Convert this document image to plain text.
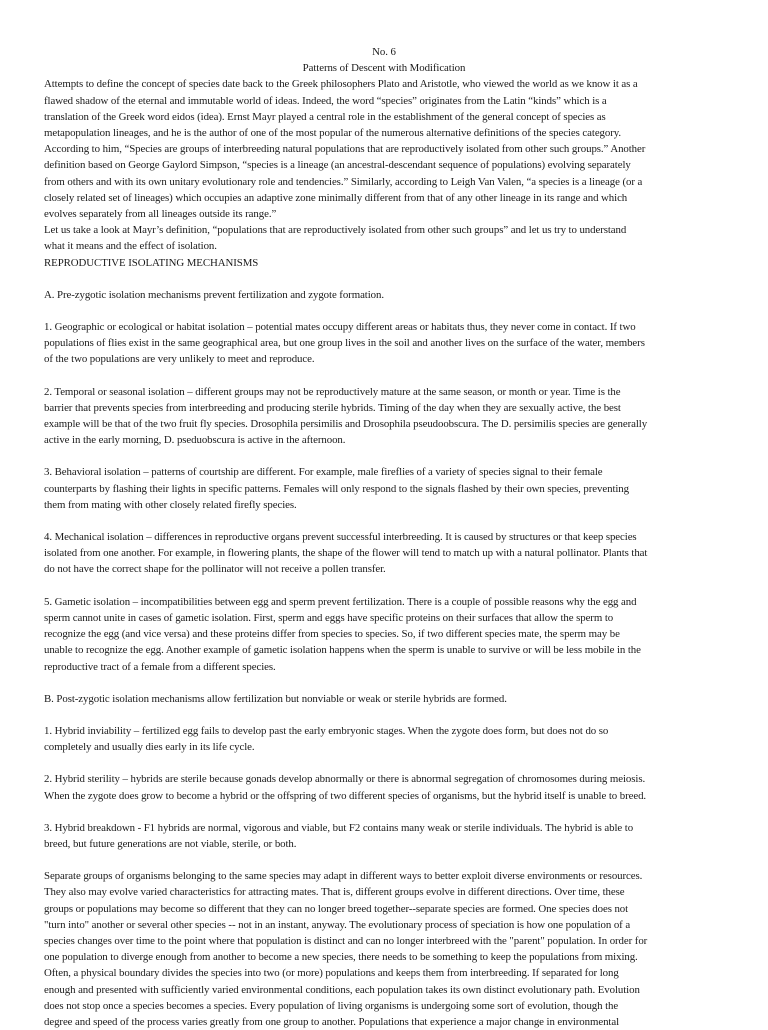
No. 6
Patterns of Descent with Modification
Attempts to define the concept of species date back to the Greek philosophers Plato and Aristotle, who viewed the world as we know it as a
flawed shadow of the eternal and immutable world of ideas. Indeed, the word “species” originates from the Latin “kinds” which is a
translation of the Greek word eidos (idea). Ernst Mayr played a central role in the establishment of the general concept of species as
metapopulation lineages, and he is the author of one of the most popular of the numerous alternative definitions of the species category.
According to him, “Species are groups of interbreeding natural populations that are reproductively isolated from other such groups.” Another
definition based on George Gaylord Simpson, “species is a lineage (an ancestral-descendant sequence of populations) evolving separately
from others and with its own unitary evolutionary role and tendencies.” Similarly, according to Leigh Van Valen, “a species is a lineage (or a
closely related set of lineages) which occupies an adaptive zone minimally different from that of any other lineage in its range and which
evolves separately from all lineages outside its range.”
Let us take a look at Mayr’s definition, “populations that are reproductively isolated from other such groups” and let us try to understand
what it means and the effect of isolation.
REPRODUCTIVE ISOLATING MECHANISMS
A. Pre-zygotic isolation mechanisms prevent fertilization and zygote formation.
1. Geographic or ecological or habitat isolation – potential mates occupy different areas or habitats thus, they never come in contact. If two
populations of flies exist in the same geographical area, but one group lives in the soil and another lives on the surface of the water, members
of the two populations are very unlikely to meet and reproduce.
2. Temporal or seasonal isolation – different groups may not be reproductively mature at the same season, or month or year. Time is the
barrier that prevents species from interbreeding and producing sterile hybrids. Timing of the day when they are sexually active, the best
example will be that of the two fruit fly species. Drosophila persimilis and Drosophila pseudoobscura. The D. persimilis species are generally
active in the early morning, D. pseduobscura is active in the afternoon.
3. Behavioral isolation – patterns of courtship are different. For example, male fireflies of a variety of species signal to their female
counterparts by flashing their lights in specific patterns. Females will only respond to the signals flashed by their own species, preventing
them from mating with other closely related firefly species.
4. Mechanical isolation – differences in reproductive organs prevent successful interbreeding. It is caused by structures or that keep species
isolated from one another. For example, in flowering plants, the shape of the flower will tend to match up with a natural pollinator. Plants that
do not have the correct shape for the pollinator will not receive a pollen transfer.
5. Gametic isolation – incompatibilities between egg and sperm prevent fertilization. There is a couple of possible reasons why the egg and
sperm cannot unite in cases of gametic isolation. First, sperm and eggs have specific proteins on their surfaces that allow the sperm to
recognize the egg (and vice versa) and these proteins differ from species to species. So, if two different species mate, the sperm may be
unable to recognize the egg. Another example of gametic isolation happens when the sperm is unable to survive or will be less mobile in the
reproductive tract of a female from a different species.
B. Post-zygotic isolation mechanisms allow fertilization but nonviable or weak or sterile hybrids are formed.
1. Hybrid inviability – fertilized egg fails to develop past the early embryonic stages. When the zygote does form, but does not do so
completely and usually dies early in its life cycle.
2. Hybrid sterility – hybrids are sterile because gonads develop abnormally or there is abnormal segregation of chromosomes during meiosis.
When the zygote does grow to become a hybrid or the offspring of two different species of organisms, but the hybrid itself is unable to breed.
3. Hybrid breakdown - F1 hybrids are normal, vigorous and viable, but F2 contains many weak or sterile individuals. The hybrid is able to
breed, but future generations are not viable, sterile, or both.
Separate groups of organisms belonging to the same species may adapt in different ways to better exploit diverse environments or resources.
They also may evolve varied characteristics for attracting mates. That is, different groups evolve in different directions. Over time, these
groups or populations may become so different that they can no longer breed together--separate species are formed. One species does not
"turn into" another or several other species -- not in an instant, anyway. The evolutionary process of speciation is how one population of a
species changes over time to the point where that population is distinct and can no longer interbreed with the "parent" population. In order for
one population to diverge enough from another to become a new species, there needs to be something to keep the populations from mixing.
Often, a physical boundary divides the species into two (or more) populations and keeps them from interbreeding. If separated for long
enough and presented with sufficiently varied environmental conditions, each population takes its own distinct evolutionary path. Evolution
does not stop once a species becomes a species. Every population of living organisms is undergoing some sort of evolution, though the
degree and speed of the process varies greatly from one group to another. Populations that experience a major change in environmental
